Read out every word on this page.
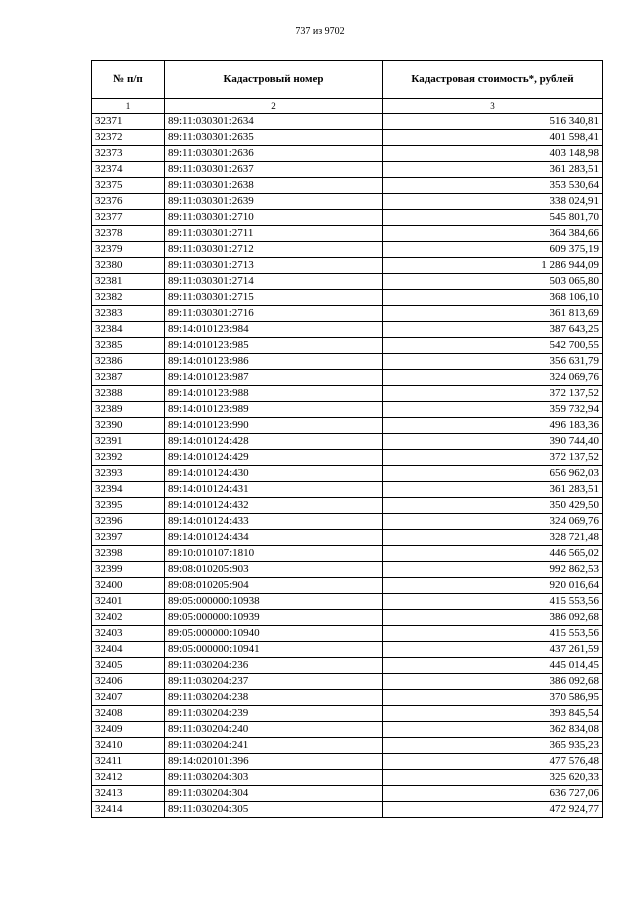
737 из 9702
№ п/п	Кадастровый номер	Кадастровая стоимость*, рублей
1	2	3
32371	89:11:030301:2634	516 340,81
32372	89:11:030301:2635	401 598,41
32373	89:11:030301:2636	403 148,98
32374	89:11:030301:2637	361 283,51
32375	89:11:030301:2638	353 530,64
32376	89:11:030301:2639	338 024,91
32377	89:11:030301:2710	545 801,70
32378	89:11:030301:2711	364 384,66
32379	89:11:030301:2712	609 375,19
32380	89:11:030301:2713	1 286 944,09
32381	89:11:030301:2714	503 065,80
32382	89:11:030301:2715	368 106,10
32383	89:11:030301:2716	361 813,69
32384	89:14:010123:984	387 643,25
32385	89:14:010123:985	542 700,55
32386	89:14:010123:986	356 631,79
32387	89:14:010123:987	324 069,76
32388	89:14:010123:988	372 137,52
32389	89:14:010123:989	359 732,94
32390	89:14:010123:990	496 183,36
32391	89:14:010124:428	390 744,40
32392	89:14:010124:429	372 137,52
32393	89:14:010124:430	656 962,03
32394	89:14:010124:431	361 283,51
32395	89:14:010124:432	350 429,50
32396	89:14:010124:433	324 069,76
32397	89:14:010124:434	328 721,48
32398	89:10:010107:1810	446 565,02
32399	89:08:010205:903	992 862,53
32400	89:08:010205:904	920 016,64
32401	89:05:000000:10938	415 553,56
32402	89:05:000000:10939	386 092,68
32403	89:05:000000:10940	415 553,56
32404	89:05:000000:10941	437 261,59
32405	89:11:030204:236	445 014,45
32406	89:11:030204:237	386 092,68
32407	89:11:030204:238	370 586,95
32408	89:11:030204:239	393 845,54
32409	89:11:030204:240	362 834,08
32410	89:11:030204:241	365 935,23
32411	89:14:020101:396	477 576,48
32412	89:11:030204:303	325 620,33
32413	89:11:030204:304	636 727,06
32414	89:11:030204:305	472 924,77
